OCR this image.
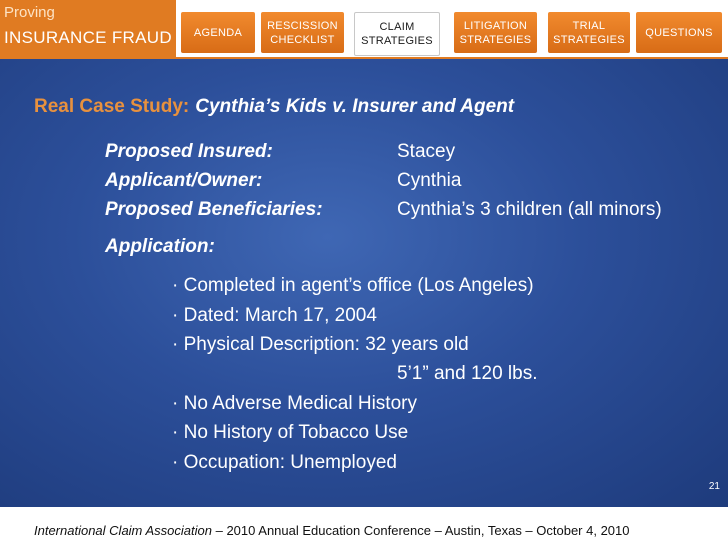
Proving
INSURANCE FRAUD AGENDA
RESCISSION
CHECKLIST
CLAIM
STRATEGIES
LITIGATION
STRATEGIES
TRIAL
STRATEGIES
QUESTIONS
Real Case Study: Cynthia’s Kids v. Insurer and Agent
Proposed Insured:	Stacey
Applicant/Owner:	Cynthia
Proposed Beneficiaries:	Cynthia’s 3 children (all minors)
Application:
· Completed in agent’s office (Los Angeles)
· Dated: March 17, 2004
· Physical Description: 32 years old
5’1” and 120 lbs.
· No Adverse Medical History
· No History of Tobacco Use
· Occupation: Unemployed
21
International Claim Association – 2010 Annual Education Conference – Austin, Texas – October 4, 2010
